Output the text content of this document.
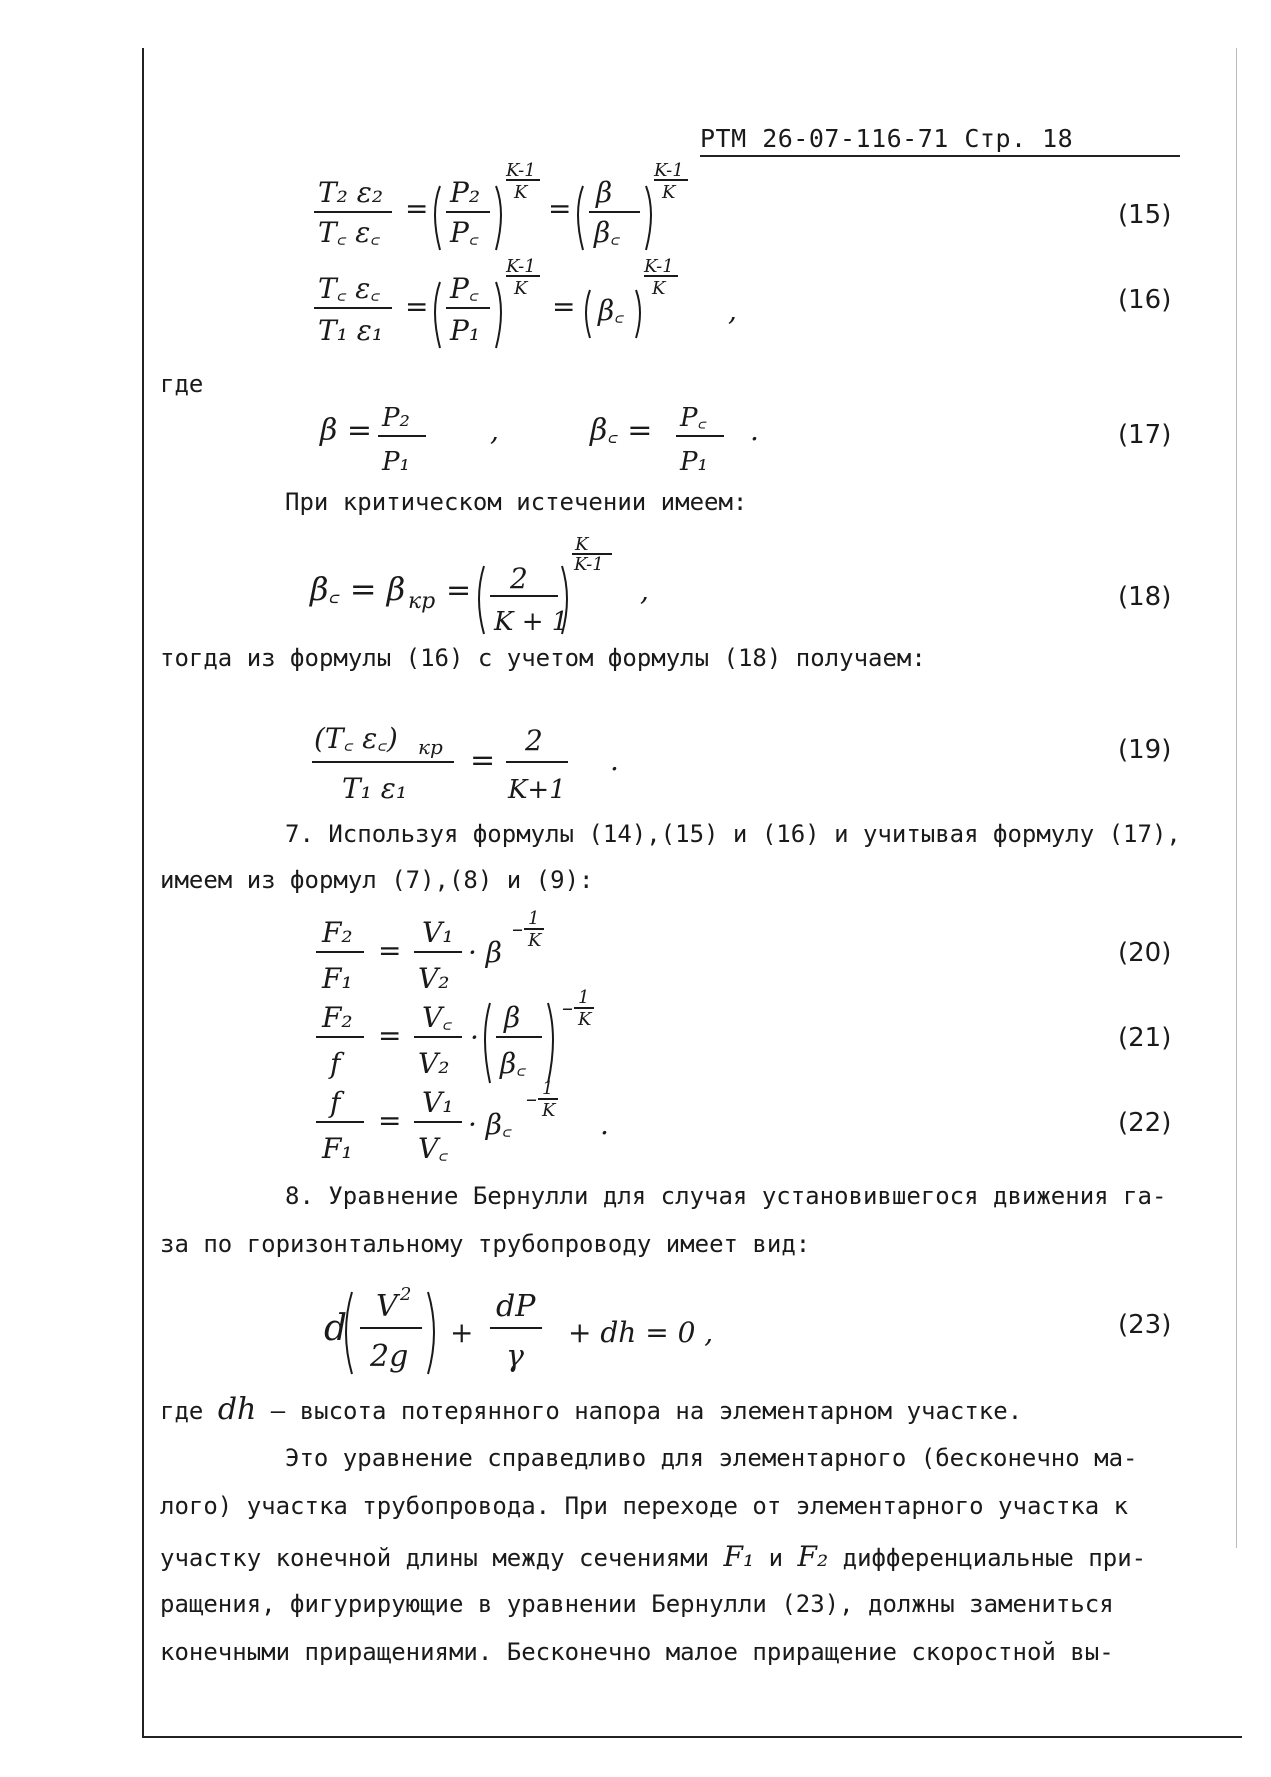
РТМ 26-07-116-71 Стр. 18
T₂ ε₂
T꜀ ε꜀
= P₂
P꜀
K-1
K = β
β꜀
K-1
K
(15)
T꜀ ε꜀
T₁ ε₁
=
P꜀
P₁
K-1
K
= β꜀
K-1
K
,	(16)
где
β = P₂
P₁
,	β꜀ = P꜀
P₁
.	(17)
При критическом истечении имеем:
β꜀ = β кр = 2
K + 1
K
K-1
,	(18)
тогда из формулы (16) с учетом формулы (18) получаем:
(T꜀ ε꜀) кр
T₁ ε₁
=
2
K+1
.	(19)
7. Используя формулы (14),(15) и (16) и учитывая формулу (17),
имеем из формул (7),(8) и (9):
F₂
F₁
=
V₁
V₂
· β
– 1
K	(20)
F₂
f
=
V꜀
V₂
·
β
β꜀
– 1
K
(21)
f
F₁
=
V₁
V꜀
· β꜀
– 1
K .	(22)
8. Уравнение Бернулли для случая установившегося движения га-
за по горизонтальному трубопроводу имеет вид:
d
V 2
2g
+
dP
γ
+ dh = 0 ,	(23)
где dh – высота потерянного напора на элементарном участке.
Это уравнение справедливо для элементарного (бесконечно ма-
лого) участка трубопровода. При переходе от элементарного участка к
участку конечной длины между сечениями F₁ и F₂ дифференциальные при-
ращения, фигурирующие в уравнении Бернулли (23), должны замениться
конечными приращениями. Бесконечно малое приращение скоростной вы-
